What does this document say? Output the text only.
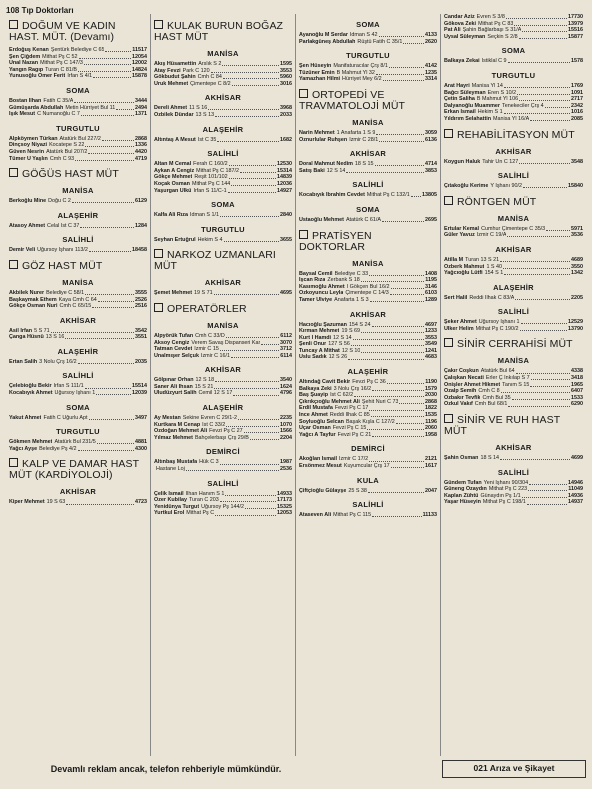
108 Tıp Doktorları
DOĞUM VE KADIN HAST. MÜT. (Devamı)
Erdoğuş Kenan Şentürk Belediye C 65	11517
Şen Çiğdem Mithat Pş C 52	12054
Ünal Nazan Mithat Pş C 147/3	12002
Yangın Ragıp Turan C 81/B	14824
Yunusoğlu Ömer Ferit İrfan S 4/1	15878
SOMA
Bostan İlhan Fatih C 35/A	3444
Gümüşarda Abdullah Metin Hürriyet Bul 11	2494
Işık Mesut C Numanoğlu C 7	1371
TURGUTLU
Alpköymen Türkan Atatürk Bul 227/2	2868
Dinçsoy Niyazi Kocatepe S 22	1336
Güven Nesrin Atatürk Bul 207/2	4420
Tümer U Yaşlın Cmh C 93	4719
GÖĞÜS HAST MÜT
MANİSA
Berkoğlu Mine Doğu C 2	6129
ALAŞEHİR
Atasoy Ahmet Celal İst C 37	1284
SALİHLİ
Demir Veli Uğursoy İşhanı 113/2	18458
GÖZ HAST MÜT
MANİSA
Akbilek Nurer Belediye C 58/1	3555
Başkaymak Ethem Kaya Cmh C 64	2526
Gökçe Osman Nuri Cmh C 65/15	2516
AKHİSAR
Asil İrfan 5 S 71	3542
Çanga Hüsnü 13 S 16	3551
ALAŞEHİR
Ertan Salih 3 Nolu Çrş 16/2	2035
SALİHLİ
Çelebioğlu Bekir İrfan S 111/1	15514
Kocabıyık Ahmet Uğursoy İşhanı 1	12039
SOMA
Yakut Ahmet Fatih C Uğurlu Apt	3497
TURGUTLU
Gökmen Mehmet Atatürk Bul 231/5	4881
Yağcı Ayşe Belediye Pş 4/2	4300
KALP VE DAMAR HAST MÜT (KARDİYOLOJİ)
AKHİSAR
Kiper Mehmet 19 S 63	4723
KULAK BURUN BOĞAZ HAST MÜT
MANİSA
Akış Hüsamettin Arslık S 2	1595
Atay Fevzi Park C 120	3553
Gökbudut Şahin Cmh C 84	5960
Uruk Mehmet Çimentepe C 8/2	3016
AKHİSAR
Dereli Ahmet 11 S 16	3968
Özbilek Dündar 13 S 13	2033
ALAŞEHİR
Altıntaş A Mesut İst C 35	1682
SALİHLİ
Altan M Cemal Ferah C 160/2	12530
Aykan A Cengiz Mithat Pş C 187/2	15314
Gökçe Mehmet Reşit 101/102	14839
Koçak Osman Mithat Pş C 144	12036
Yaşurgan Ülkü İrfan S 11/C-1	14927
SOMA
Kalfa Ali Rıza İdman S 1/1	2840
TURGUTLU
Seyhan Ertuğrul Hekim S 4	3655
NARKOZ UZMANLARI MÜT
AKHİSAR
Şemet Mehmet 19 S 71	4695
OPERATÖRLER
MANİSA
Alpyörük Tufan Cmh C 33/D	6112
Aksoy Cengiz Verem Savaş Dispanseri Kar	3070
Tatman Cevdet İzmir C 15	3712
Ünalmışer Selçuk İzmir C 16/1	6114
AKHİSAR
Gölpınar Orhan 12 S 18	3540
Saner Ali İhsan 15 S 21	1624
Uludüzyurt Salih Cemil 12 S 17	4796
ALAŞEHİR
Ay Mestan Sekine Evren C 29/1-2	2235
Kurtkara M Cenap İst C 33/2	1070
Özdoğan Mehmet Ali Fevzi Pş C 27	1566
Yılmaz Mehmet Bahçelerbaşı Çrş 29/B	2204
DEMİRCİ
Altınbaş Mustafa Hük C 3	1987
Hastane Loj	2536
SALİHLİ
Çelik İsmail İlhan Hanım S 1	14933
Özer Kubilay Turan C 203	17173
Yenidünya Turgut Uğursoy Pş 144/2	15325
Yurtkul Erol Mithat Pş C	12053
SOMA
Ayanoğlu M Serdar İdman S 42	4133
Parlakgüneş Abdullah Rüştü Fatih C 35/1	2620
TURGUTLU
Şen Hüseyin Manifaturacılar Çrş 8/1	4142
Tüzüner Emin B Mahmut Yl 32	1235
Yamazhan Hilmi Hürriyet Mey 6/2	3314
ORTOPEDİ VE TRAVMATOLOJİ MÜT
MANİSA
Narin Mehmet 1 Anafarta 1 S 9	3059
Öznurlular Ruhşen İzmir C 28/1	6136
AKHİSAR
Doral Mahmut Nedim 18 S 15	4714
Satış Baki 12 S 14	3853
SALİHLİ
Kocabıyık İbrahim Cevdet Mithat Pş C 132/1 13805
SOMA
Ustaoğlu Mehmet Atatürk C 61/A	2695
PRATİSYEN DOKTORLAR
MANİSA
Baysal Cemil Belediye C 33	1408
İşcan Rıza Zerbank S 18	1195
Kasımoğlu Ahmet İ Gökçen Bul 16/2	3146
Özkoyuncu Leyla Çimentepe C 14/3	6103
Tamer Ulviye Anafarta 1 S 3	1289
AKHİSAR
Hacıoğlu Şazuman 154 S 24	4697
Kırman Mehmet 19 S 69	1233
Kurt İ Hamdi 12 S 14	3553
Şenli Onur 127 S 56	3549
Tuncay A Mithat 12 S 10	1241
Uslu Sadık 12 S 26	4683
ALAŞEHİR
Altındağ Cavit Bekir Fevzi Pş C 36	1190
Balkaya Zeki 3 Nolu Çrş 16/2	1579
Baş Şuayip İst C 62/2	2030
Çıkrıkçıoğlu Mehmet Ali Şehit Nuri C 73	2868
Erdil Mustafa Fevzi Pş C 17	1822
İnce Ahmet Reddi İlhak C 85	1535
Soyluoğlu Selcan Başak Kışla C 127/2	1196
Uçar Osman Fevzi Pş C 15	2060
Yağcı A Tayfur Fevzi Pş C 21	1958
DEMİRCİ
Akoğlan İsmail İzmir C 17/2	2121
Ersönmez Mesut Kuyumcular Çrş 17	1617
KULA
Çiftçioğlu Gülayşe 25 S 38	2047
SALİHLİ
Ataseven Ali Mithat Pş C 115	11133
Candar Aziz Evren S 3/8	17730
Gökova Zeki Mithat Pş C 83	13979
Pat Ali Şahin Bağlarbaşı S 31/A	15516
Uysal Süleyman Seçkin S 2/8	15877
SOMA
Balkaya Zekai İstiklal C 9	1578
TURGUTLU
Arat Hayri Manisa Yl 14	1769
Bağcı Süleyman Eren S 10/2	1091
Çetin Saliha B Mahmut Yl 106	2717
Dalyanoğlu Muammer Tenekeciler Çrş 4	2342
Erkan İsmail Hekim S 1	1016
Yıldırım Selahattin Manisa Yl 16/A	2085
REHABİLİTASYON MÜT
AKHİSAR
Koygun Haluk Tahir Ün C 127	3548
SALİHLİ
Çıtakoğlu Kerime Y İşhanı 90/2	15840
RÖNTGEN MÜT
MANİSA
Ertular Kemal Cumhur Çimentepe C 35/3	5971
Güler Yavuz İzmir C 19/A	3536
AKHİSAR
Atilla M Turan 13 S 21	4689
Özberk Mahmut 1 S 40	3550
Yağcıoğlu Lütfi 154 S 1	1342
ALAŞEHİR
Sert Halil Reddi İlhak C 83/A	2205
SALİHLİ
Şeker Ahmet Uğursoy İşhanı 1	12529
Ülker Helim Mithat Pş C 190/2	13790
SİNİR CERRAHİSİ MÜT
MANİSA
Çakır Coşkun Atatürk Bul 64	4338
Çalışkan Necati Erler Ç İnkılap S 7	3418
Onişler Ahmet Hikmet Tanım S 15	1965
Özalp Semih Cmh C 8	6407
Özbakır Tevfik Cmh Bul 35	1533
Özkul Vakıf Cmh Bul 68/1	6290
SİNİR VE RUH HAST MÜT
AKHİSAR
Şahin Osman 18 S 14	4699
SALİHLİ
Gündem Tufan Yeni İşhanı 90/304	14946
Güneng Özaydın Mithat Pş C 223	11049
Kaplan Zühtü Günaydın Pş 1/1	14936
Yaşar Hüseyin Mithat Pş C 198/1	14937
Devamlı reklam ancak, telefon rehberiyle mümkündür.	021 Arıza ve Şikayet
